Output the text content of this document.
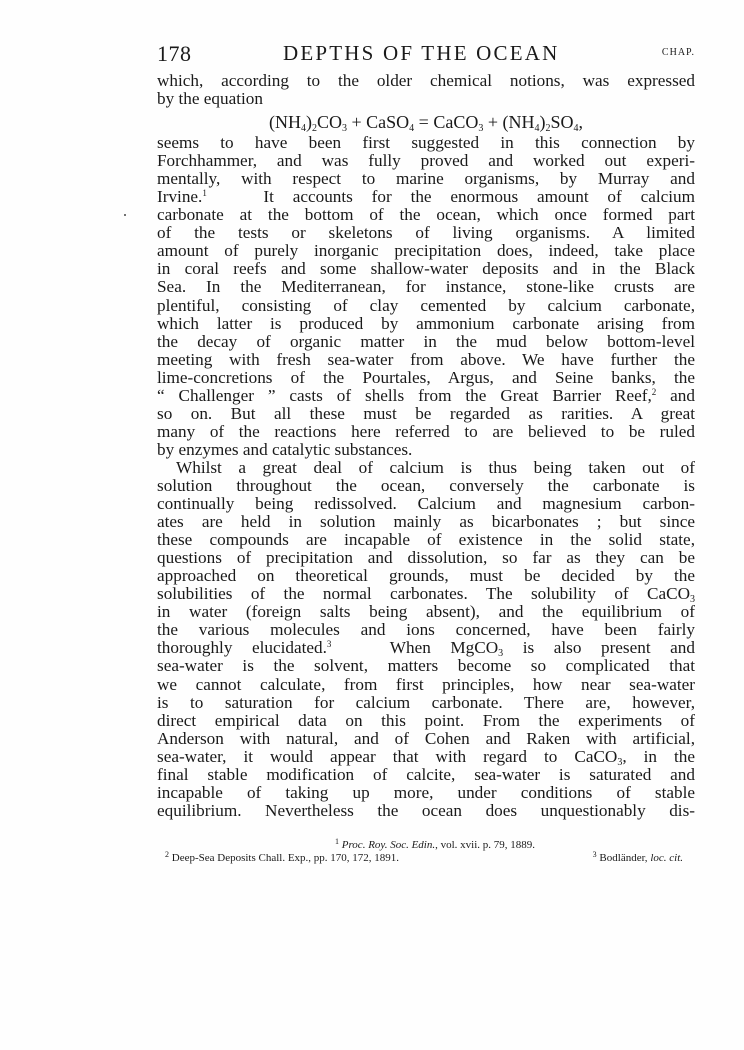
178	DEPTHS OF THE OCEAN	CHAP.
which, according to the older chemical notions, was expressed
by the equation
$(NH_4)_2CO_3$ + CaSO$_4$ = CaCO$_3$ + $(NH_4)_2SO_4$,
seems to have been first suggested in this connection by
Forchhammer, and was fully proved and worked out experi-
mentally, with respect to marine organisms, by Murray and
Irvine.$^1$   It accounts for the enormous amount of calcium
carbonate at the bottom of the ocean, which once formed part
of the tests or skeletons of living organisms. A limited
amount of purely inorganic precipitation does, indeed, take place
in coral reefs and some shallow-water deposits and in the Black
Sea. In the Mediterranean, for instance, stone-like crusts are
plentiful, consisting of clay cemented by calcium carbonate,
which latter is produced by ammonium carbonate arising from
the decay of organic matter in the mud below bottom-level
meeting with fresh sea-water from above. We have further the
lime-concretions of the Pourtales, Argus, and Seine banks, the
“ Challenger ” casts of shells from the Great Barrier Reef,$^2$ and
so on. But all these must be regarded as rarities. A great
many of the reactions here referred to are believed to be ruled
by enzymes and catalytic substances.
Whilst a great deal of calcium is thus being taken out of
solution throughout the ocean, conversely the carbonate is
continually being redissolved. Calcium and magnesium carbon-
ates are held in solution mainly as bicarbonates ; but since
these compounds are incapable of existence in the solid state,
questions of precipitation and dissolution, so far as they can be
approached on theoretical grounds, must be decided by the
solubilities of the normal carbonates. The solubility of CaCO$_3$
in water (foreign salts being absent), and the equilibrium of
the various molecules and ions concerned, have been fairly
thoroughly elucidated.$^3$   When MgCO$_3$ is also present and
sea-water is the solvent, matters become so complicated that
we cannot calculate, from first principles, how near sea-water
is to saturation for calcium carbonate. There are, however,
direct empirical data on this point. From the experiments of
Anderson with natural, and of Cohen and Raken with artificial,
sea-water, it would appear that with regard to CaCO$_3$, in the
final stable modification of calcite, sea-water is saturated and
incapable of taking up more, under conditions of stable
equilibrium. Nevertheless the ocean does unquestionably dis-
$^1$ Proc. Roy. Soc. Edin., vol. xvii. p. 79, 1889.
$^2$ Deep-Sea Deposits Chall. Exp., pp. 170, 172, 1891.	$^3$ Bodländer, loc. cit.
